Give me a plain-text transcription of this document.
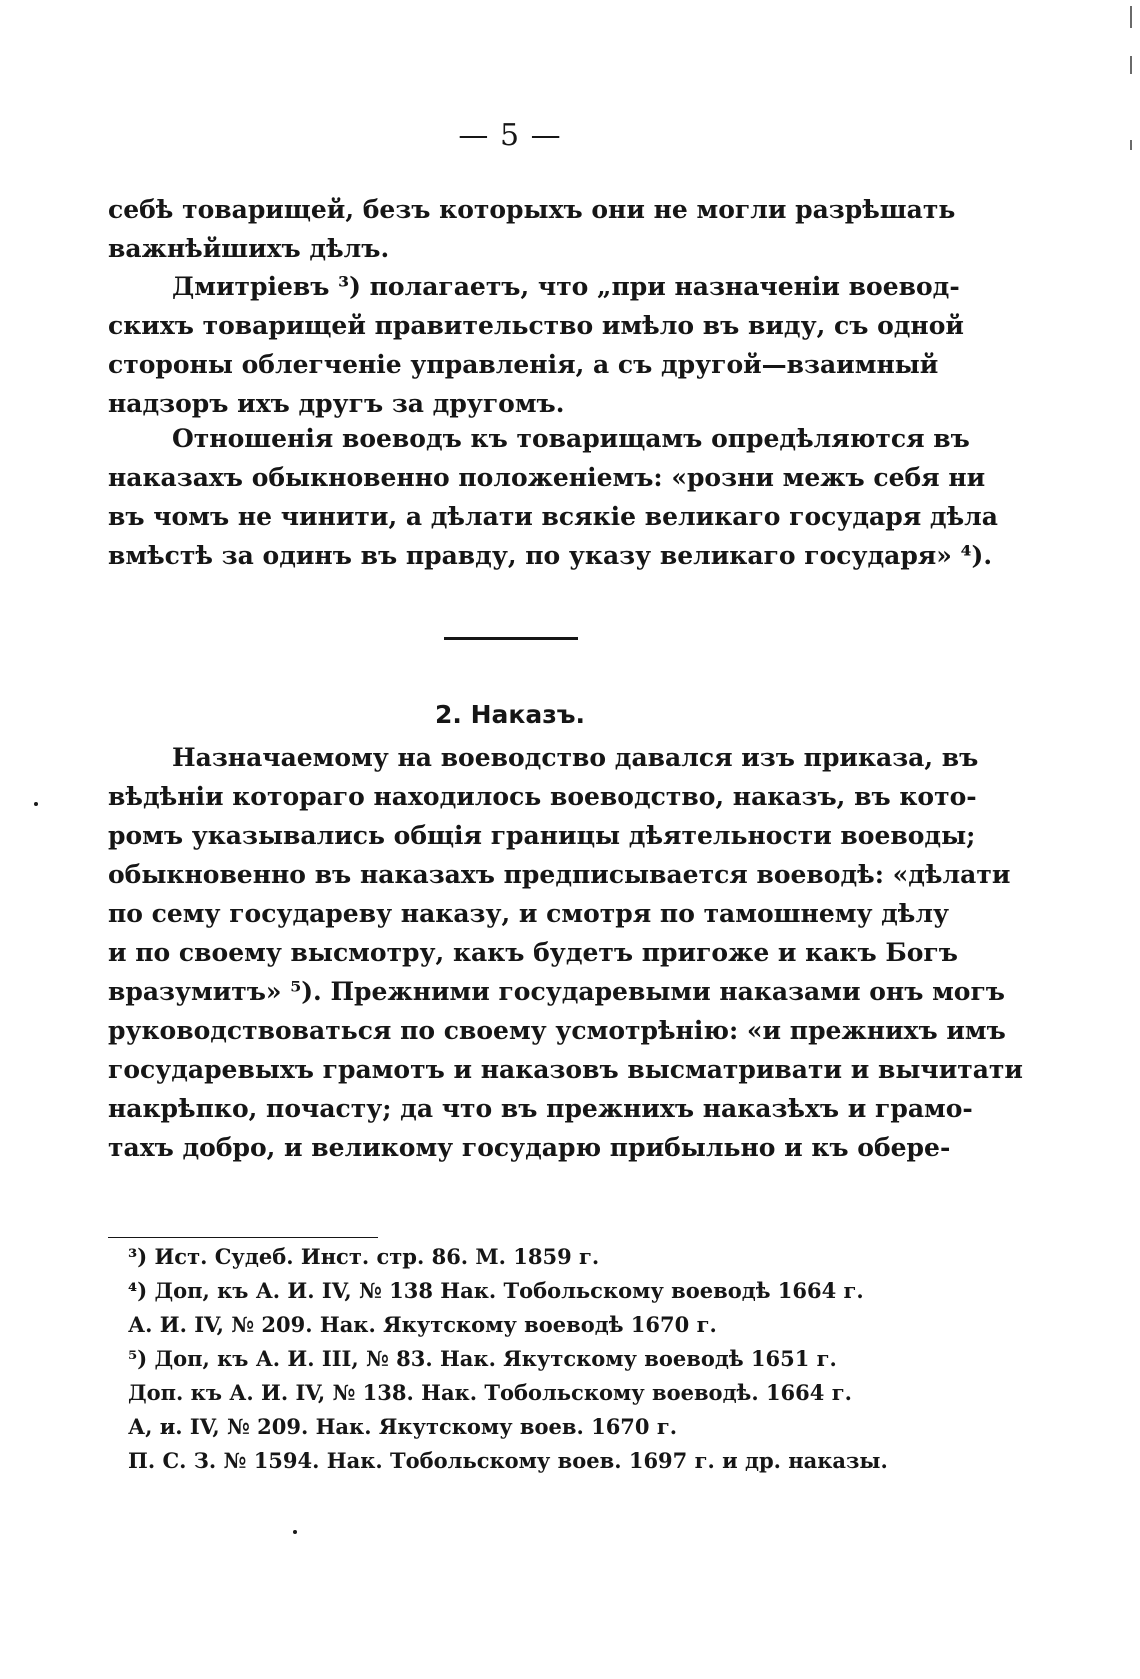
— 5 —
себѣ товарищей, безъ которыхъ они не могли разрѣшать
важнѣйшихъ дѣлъ.
Дмитріевъ ³) полагаетъ, что „при назначеніи воевод-
скихъ товарищей правительство имѣло въ виду, съ одной
стороны облегченіе управленія, а съ другой—взаимный
надзоръ ихъ другъ за другомъ.
Отношенія воеводъ къ товарищамъ опредѣляются въ
наказахъ обыкновенно положеніемъ: «розни межъ себя ни
въ чомъ не чинити, а дѣлати всякіе великаго государя дѣла
вмѣстѣ за одинъ въ правду, по указу великаго государя» ⁴).
2. Наказъ.
Назначаемому на воеводство давался изъ приказа, въ
вѣдѣніи котораго находилось воеводство, наказъ, въ кото-
ромъ указывались общія границы дѣятельности воеводы;
обыкновенно въ наказахъ предписывается воеводѣ: «дѣлати
по сему государеву наказу, и смотря по тамошнему дѣлу
и по своему высмотру, какъ будетъ пригоже и какъ Богъ
вразумитъ» ⁵). Прежними государевыми наказами онъ могъ
руководствоваться по своему усмотрѣнію: «и прежнихъ имъ
государевыхъ грамотъ и наказовъ высматривати и вычитати
накрѣпко, почасту; да что въ прежнихъ наказѣхъ и грамо-
тахъ добро, и великому государю прибыльно и къ обере-
³) Ист. Судеб. Инст. стр. 86. М. 1859 г.
⁴) Доп, къ А. И. IV, № 138 Нак. Тобольскому воеводѣ 1664 г.
А. И. IV, № 209. Нак. Якутскому воеводѣ 1670 г.
⁵) Доп, къ А. И. III, № 83. Нак. Якутскому воеводѣ 1651 г.
Доп. къ А. И. IV, № 138. Нак. Тобольскому воеводѣ. 1664 г.
А, и. IV, № 209. Нак. Якутскому воев. 1670 г.
П. С. З. № 1594. Нак. Тобольскому воев. 1697 г. и др. наказы.
